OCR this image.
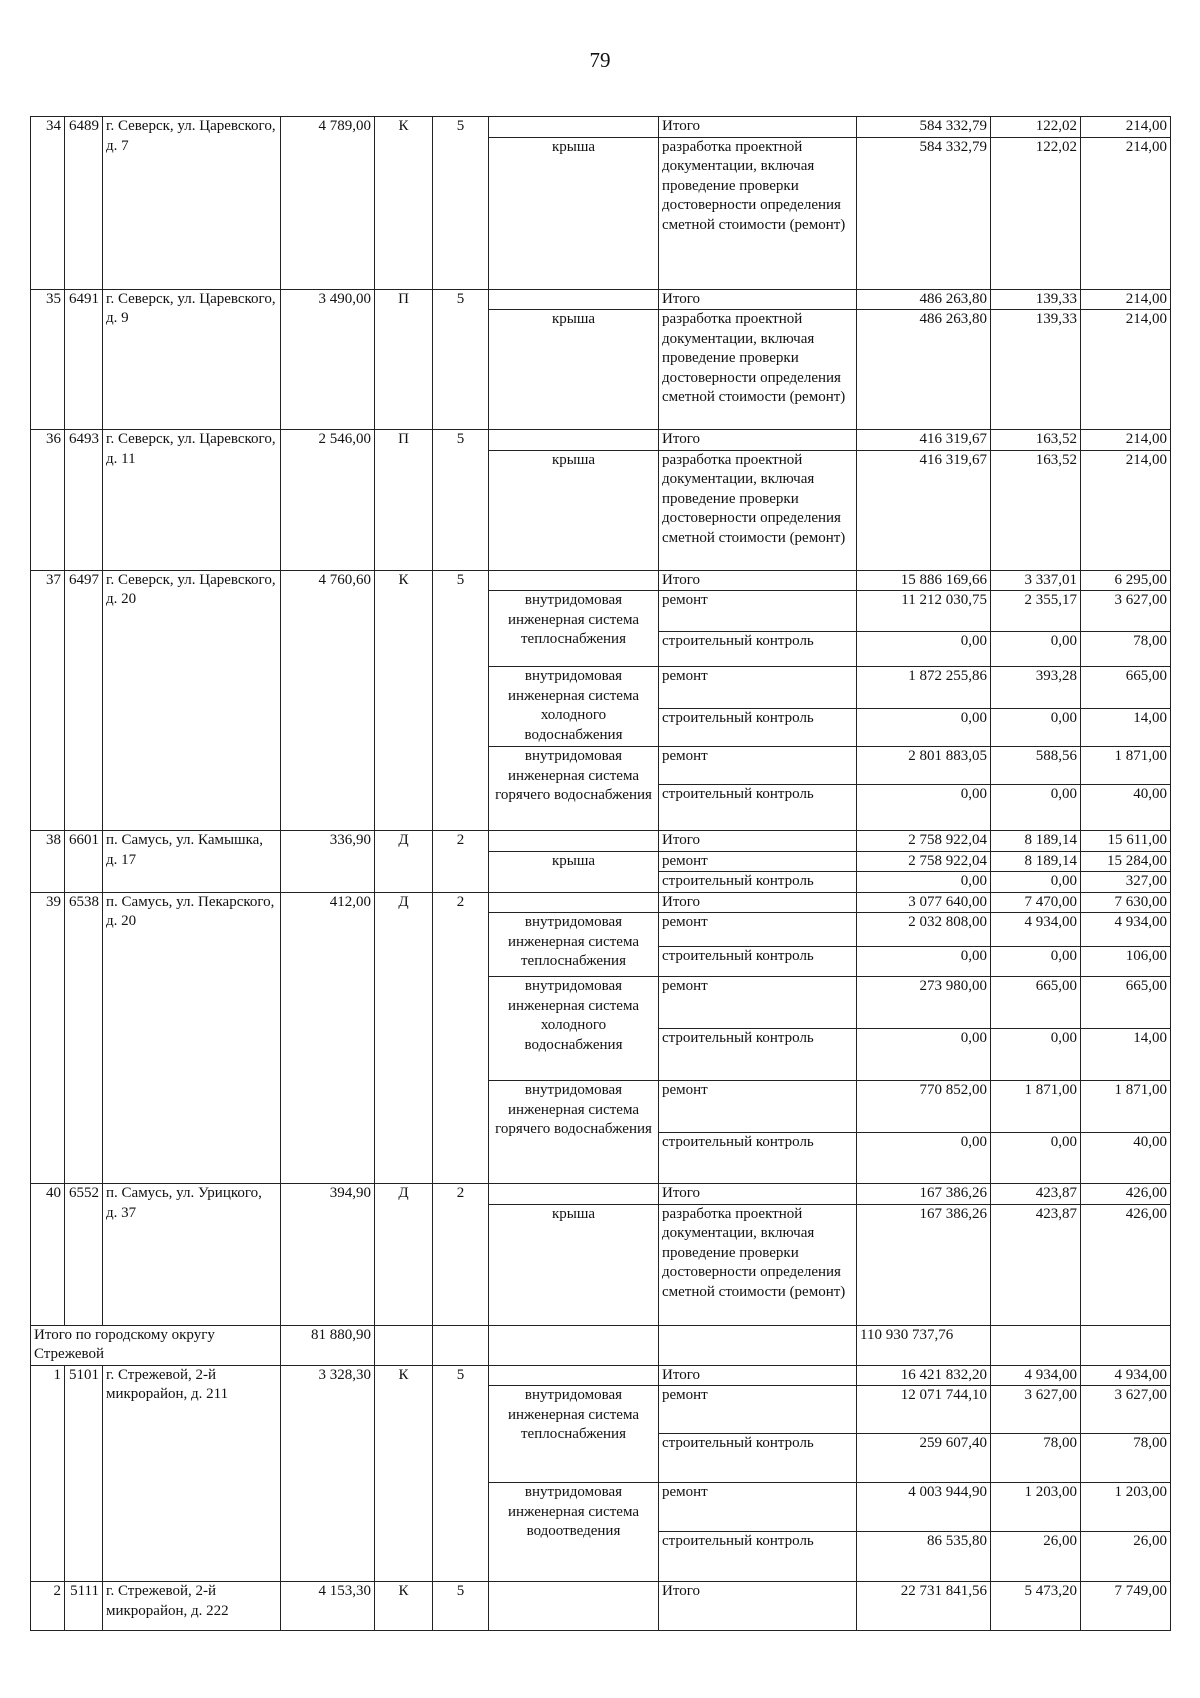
79
34	6489	г. Северск, ул. Царевского, д. 7	4 789,00	К	5		Итого	584 332,79	122,02	214,00
						крыша	разработка проектной документации, включая проведение проверки достоверности определения сметной стоимости (ремонт)	584 332,79	122,02	214,00
35	6491	г. Северск, ул. Царевского, д. 9	3 490,00	П	5		Итого	486 263,80	139,33	214,00
						крыша	разработка проектной документации, включая проведение проверки достоверности определения сметной стоимости (ремонт)	486 263,80	139,33	214,00
36	6493	г. Северск, ул. Царевского, д. 11	2 546,00	П	5		Итого	416 319,67	163,52	214,00
						крыша	разработка проектной документации, включая проведение проверки достоверности определения сметной стоимости (ремонт)	416 319,67	163,52	214,00
37	6497	г. Северск, ул. Царевского, д. 20	4 760,60	К	5		Итого	15 886 169,66	3 337,01	6 295,00
						внутридомовая инженерная система теплоснабжения	ремонт	11 212 030,75	2 355,17	3 627,00
							строительный контроль	0,00	0,00	78,00
						внутридомовая инженерная система холодного водоснабжения	ремонт	1 872 255,86	393,28	665,00
							строительный контроль	0,00	0,00	14,00
						внутридомовая инженерная система горячего водоснабжения	ремонт	2 801 883,05	588,56	1 871,00
							строительный контроль	0,00	0,00	40,00
38	6601	п. Самусь, ул. Камышка, д. 17	336,90	Д	2		Итого	2 758 922,04	8 189,14	15 611,00
						крыша	ремонт	2 758 922,04	8 189,14	15 284,00
							строительный контроль	0,00	0,00	327,00
39	6538	п. Самусь, ул. Пекарского, д. 20	412,00	Д	2		Итого	3 077 640,00	7 470,00	7 630,00
						внутридомовая инженерная система теплоснабжения	ремонт	2 032 808,00	4 934,00	4 934,00
							строительный контроль	0,00	0,00	106,00
						внутридомовая инженерная система холодного водоснабжения	ремонт	273 980,00	665,00	665,00
							строительный контроль	0,00	0,00	14,00
						внутридомовая инженерная система горячего водоснабжения	ремонт	770 852,00	1 871,00	1 871,00
							строительный контроль	0,00	0,00	40,00
40	6552	п. Самусь, ул. Урицкого, д. 37	394,90	Д	2		Итого	167 386,26	423,87	426,00
						крыша	разработка проектной документации, включая проведение проверки достоверности определения сметной стоимости (ремонт)	167 386,26	423,87	426,00
Итого по городскому округу Стрежевой			81 880,90					110 930 737,76		
1	5101	г. Стрежевой, 2-й микрорайон, д. 211	3 328,30	К	5		Итого	16 421 832,20	4 934,00	4 934,00
						внутридомовая инженерная система теплоснабжения	ремонт	12 071 744,10	3 627,00	3 627,00
							строительный контроль	259 607,40	78,00	78,00
						внутридомовая инженерная система водоотведения	ремонт	4 003 944,90	1 203,00	1 203,00
							строительный контроль	86 535,80	26,00	26,00
2	5111	г. Стрежевой, 2-й микрорайон, д. 222	4 153,30	К	5		Итого	22 731 841,56	5 473,20	7 749,00
